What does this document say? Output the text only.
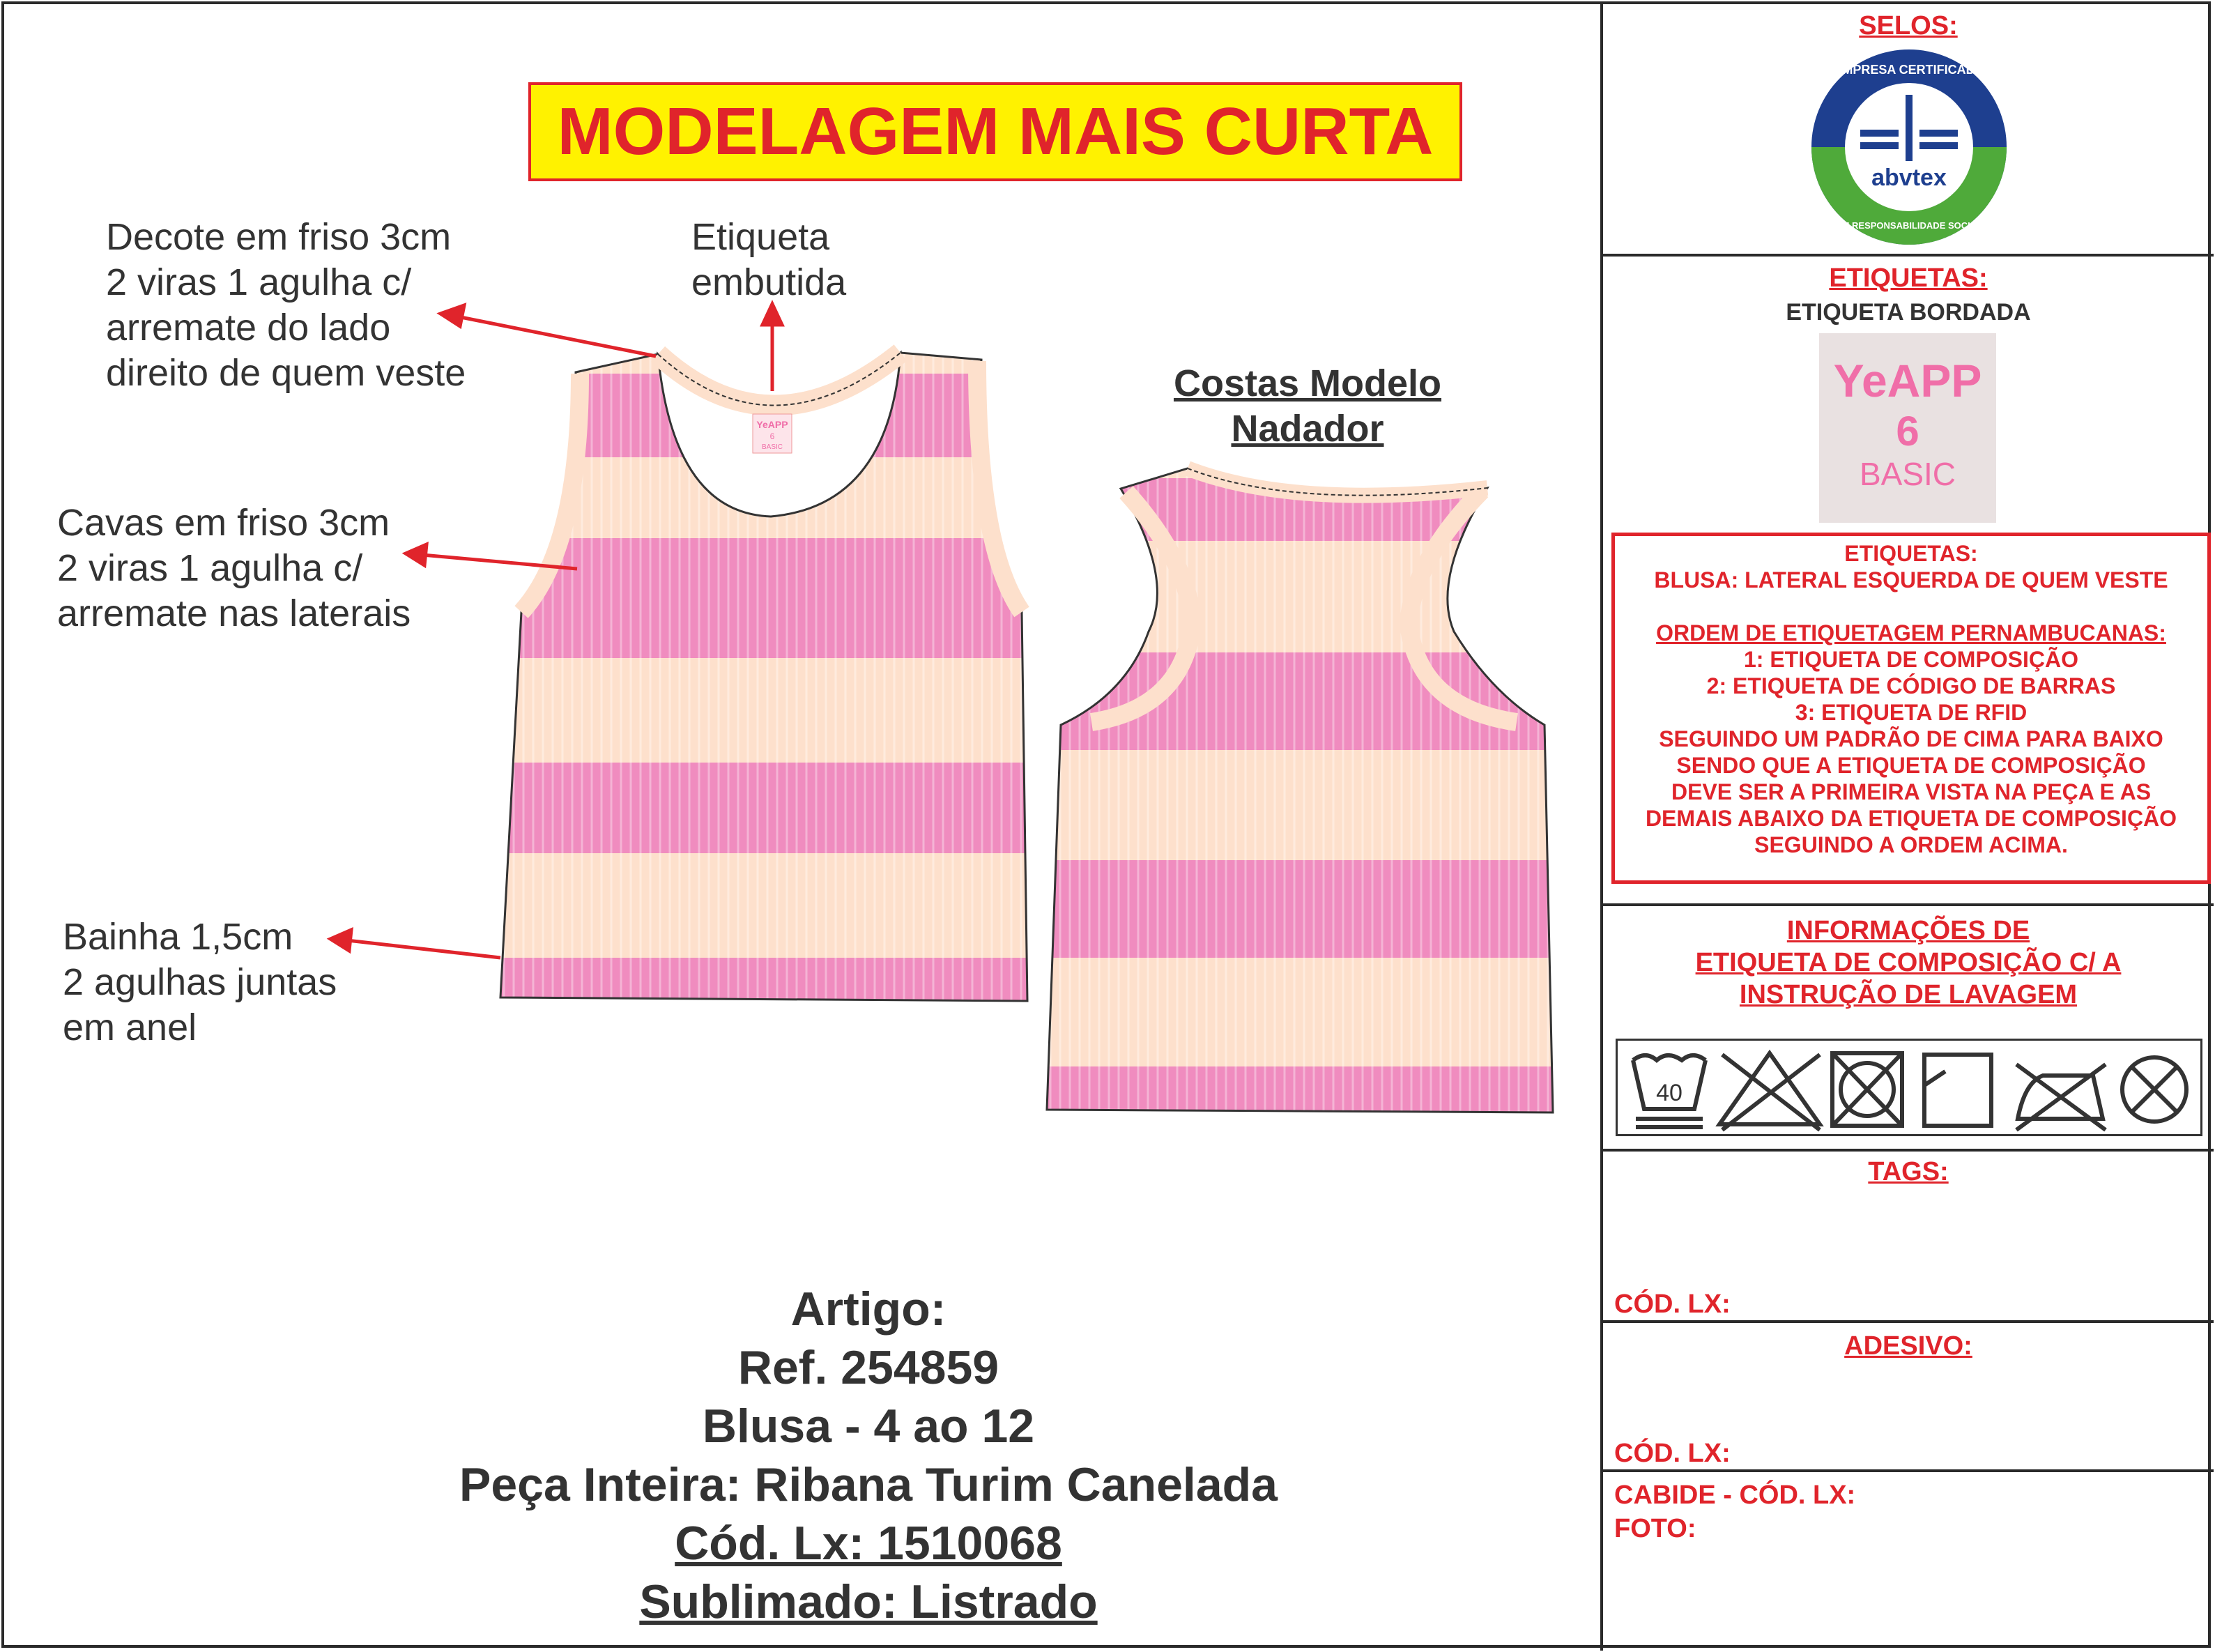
MODELAGEM MAIS CURTA
Decote em friso 3cm
2 viras 1 agulha c/
arremate do lado
direito de quem veste
Etiqueta
embutida
Cavas em friso 3cm
2 viras 1 agulha c/
arremate nas laterais
Bainha 1,5cm
2 agulhas juntas
em anel
Costas Modelo
Nadador
YeAPP
6
BASIC
Artigo:
Ref. 254859
Blusa - 4 ao 12
Peça Inteira: Ribana Turim Canelada
Cód. Lx: 1510068
Sublimado: Listrado
SELOS:
abvtex
EMPRESA CERTIFICADA
EM RESPONSABILIDADE SOCIAL
ETIQUETAS:
ETIQUETA BORDADA
YeAPP
6
BASIC
ETIQUETAS:
BLUSA: LATERAL ESQUERDA DE QUEM VESTE
ORDEM DE ETIQUETAGEM PERNAMBUCANAS:
1: ETIQUETA DE COMPOSIÇÃO
2: ETIQUETA DE CÓDIGO DE BARRAS
3: ETIQUETA DE RFID
SEGUINDO UM PADRÃO DE CIMA PARA BAIXO
SENDO QUE A ETIQUETA DE COMPOSIÇÃO
DEVE SER A PRIMEIRA VISTA NA PEÇA E AS
DEMAIS ABAIXO DA ETIQUETA DE COMPOSIÇÃO
SEGUINDO A ORDEM ACIMA.
INFORMAÇÕES DE
ETIQUETA DE COMPOSIÇÃO C/ A
INSTRUÇÃO DE LAVAGEM
40
TAGS:
CÓD. LX:
ADESIVO:
CÓD. LX:
CABIDE - CÓD. LX:
FOTO:
